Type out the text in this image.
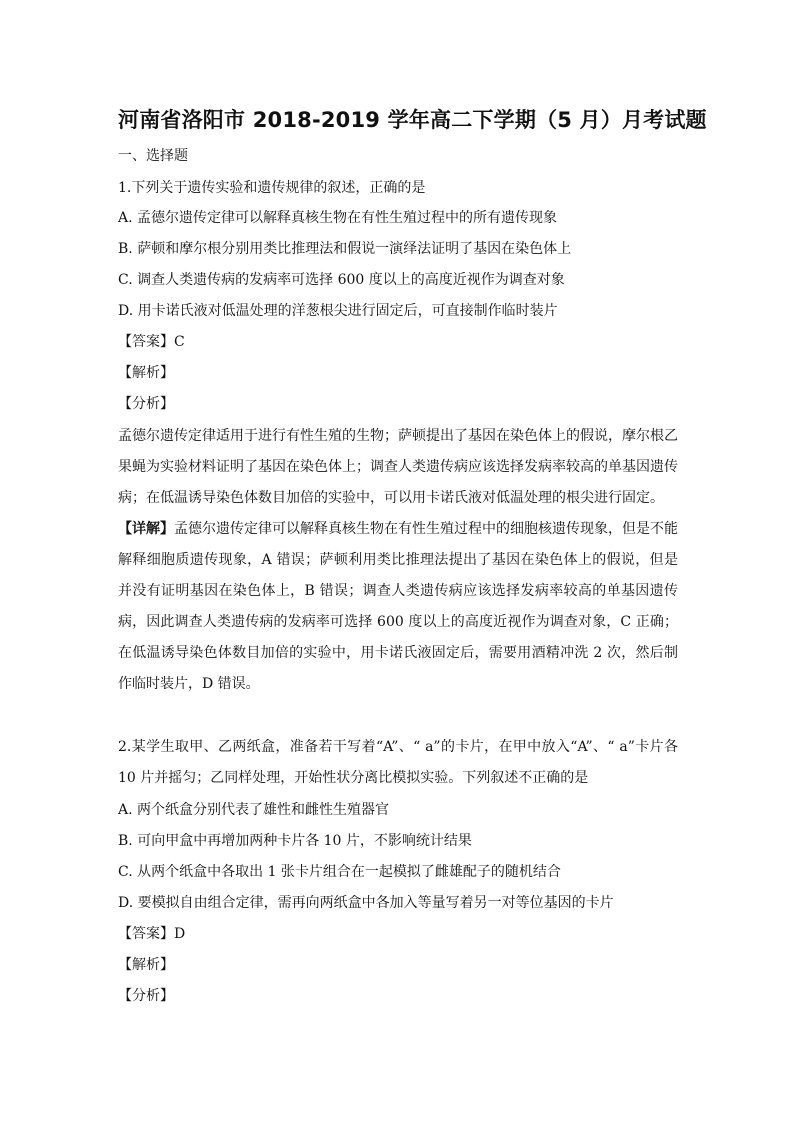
河南省洛阳市 2018-2019 学年高二下学期（5 月）月考试题
一、选择题
1.下列关于遗传实验和遗传规律的叙述，正确的是
A. 孟德尔遗传定律可以解释真核生物在有性生殖过程中的所有遗传现象
B. 萨顿和摩尔根分别用类比推理法和假说一演绎法证明了基因在染色体上
C. 调查人类遗传病的发病率可选择 600 度以上的高度近视作为调查对象
D. 用卡诺氏液对低温处理的洋葱根尖进行固定后，可直接制作临时装片
【答案】C
【解析】
【分析】
孟德尔遗传定律适用于进行有性生殖的生物；萨顿提出了基因在染色体上的假说，摩尔根乙果蝇为实验材料证明了基因在染色体上；调查人类遗传病应该选择发病率较高的单基因遗传病；在低温诱导染色体数目加倍的实验中，可以用卡诺氏液对低温处理的根尖进行固定。
【详解】孟德尔遗传定律可以解释真核生物在有性生殖过程中的细胞核遗传现象，但是不能解释细胞质遗传现象，A 错误；萨顿利用类比推理法提出了基因在染色体上的假说，但是并没有证明基因在染色体上，B 错误；调查人类遗传病应该选择发病率较高的单基因遗传病，因此调查人类遗传病的发病率可选择 600 度以上的高度近视作为调查对象，C 正确；在低温诱导染色体数目加倍的实验中，用卡诺氏液固定后，需要用酒精冲洗 2 次，然后制作临时装片，D 错误。
2.某学生取甲、乙两纸盒，准备若干写着“A”、“ a”的卡片，在甲中放入“A”、“ a”卡片各 10 片并摇匀；乙同样处理，开始性状分离比模拟实验。下列叙述不正确的是
A. 两个纸盒分别代表了雄性和雌性生殖器官
B. 可向甲盒中再增加两种卡片各 10 片，不影响统计结果
C. 从两个纸盒中各取出 1 张卡片组合在一起模拟了雌雄配子的随机结合
D. 要模拟自由组合定律，需再向两纸盒中各加入等量写着另一对等位基因的卡片
【答案】D
【解析】
【分析】
